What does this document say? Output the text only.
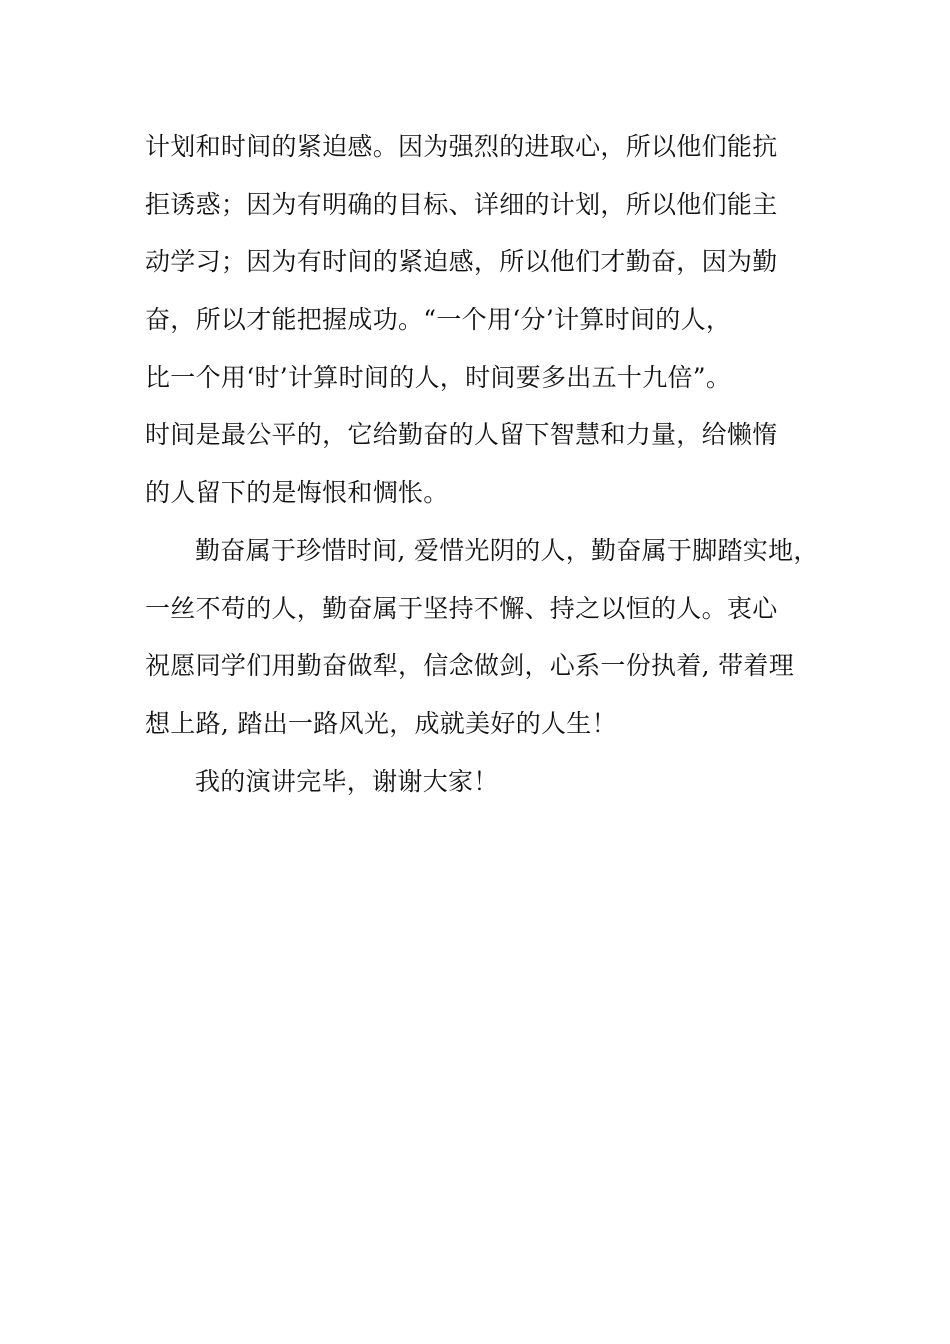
计划和时间的紧迫感。因为强烈的进取心，所以他们能抗
拒诱惑；因为有明确的目标、详细的计划，所以他们能主
动学习；因为有时间的紧迫感，所以他们才勤奋，因为勤
奋，所以才能把握成功。“一个用‘分’计算时间的人，
比一个用‘时’计算时间的人，时间要多出五十九倍”。
时间是最公平的，它给勤奋的人留下智慧和力量，给懒惰
的人留下的是悔恨和惆怅。
勤奋属于珍惜时间, 爱惜光阴的人，勤奋属于脚踏实地，
一丝不苟的人，勤奋属于坚持不懈、持之以恒的人。衷心
祝愿同学们用勤奋做犁，信念做剑，心系一份执着, 带着理
想上路, 踏出一路风光，成就美好的人生！
我的演讲完毕，谢谢大家！
